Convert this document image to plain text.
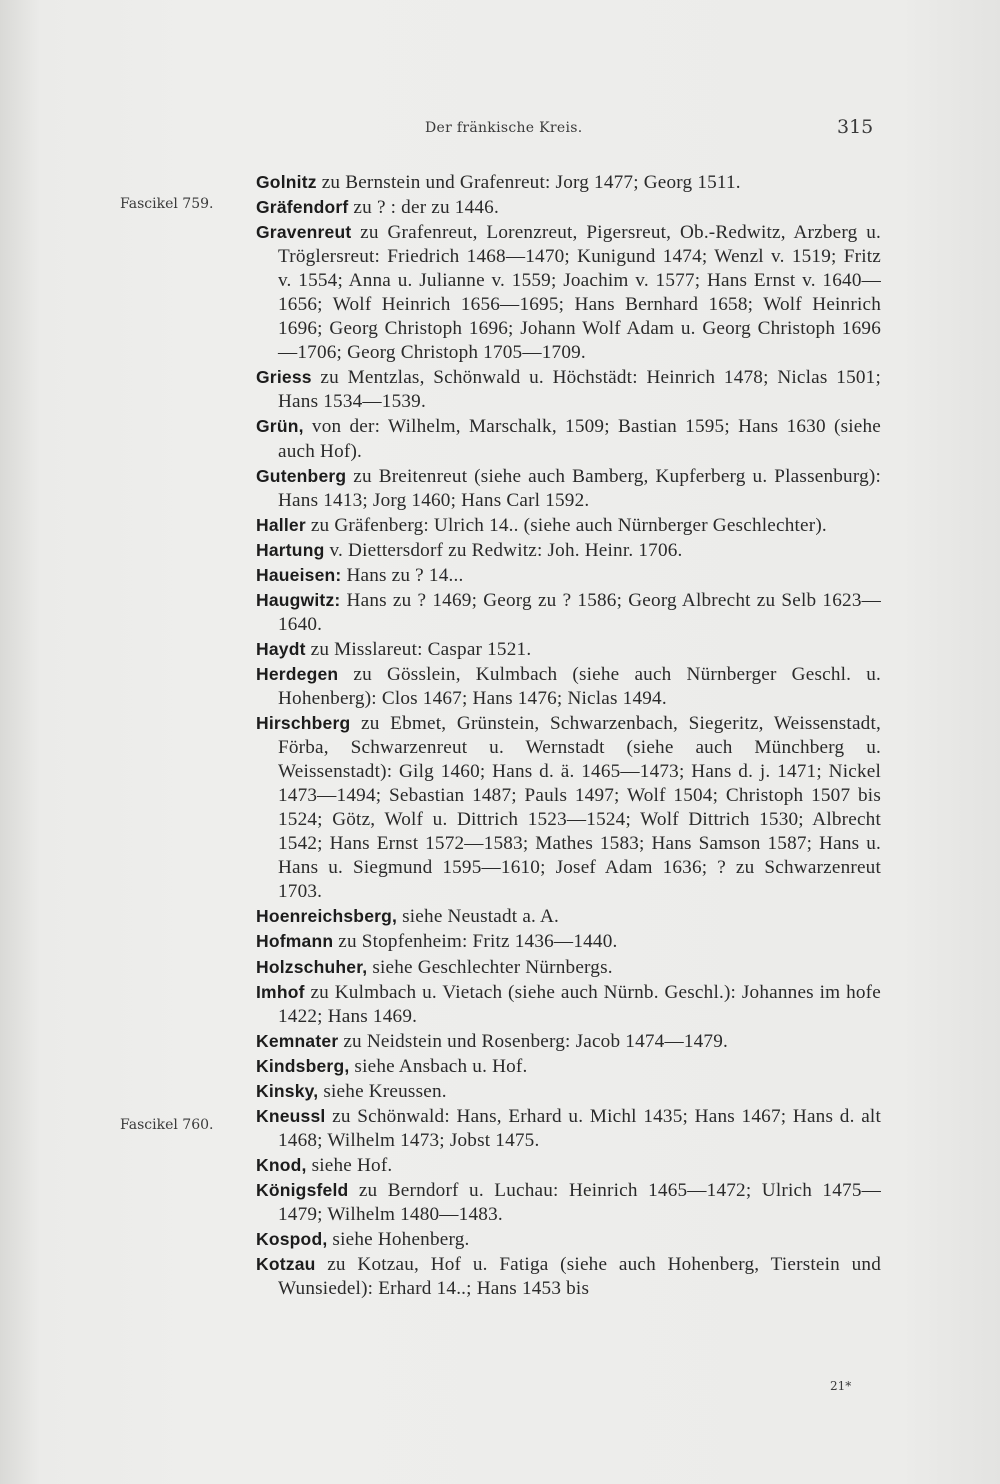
Der fränkische Kreis.	315
Fascikel 759.
Fascikel 760.

Golnitz zu Bernstein und Grafenreut: Jorg 1477; Georg 1511.

Gräfendorf zu ? : der zu 1446.

Gravenreut zu Grafenreut, Lorenzreut, Pigersreut, Ob.-Redwitz, Arzberg u. Tröglersreut: Friedrich 1468—1470; Kunigund 1474; Wenzl v. 1519; Fritz v. 1554; Anna u. Julianne v. 1559; Joachim v. 1577; Hans Ernst v. 1640—1656; Wolf Heinrich 1656—1695; Hans Bernhard 1658; Wolf Heinrich 1696; Georg Christoph 1696; Johann Wolf Adam u. Georg Christoph 1696—1706; Georg Christoph 1705—1709.

Griess zu Mentzlas, Schönwald u. Höchstädt: Heinrich 1478; Niclas 1501; Hans 1534—1539.

Grün, von der: Wilhelm, Marschalk, 1509; Bastian 1595; Hans 1630 (siehe auch Hof).

Gutenberg zu Breitenreut (siehe auch Bamberg, Kupferberg u. Plassenburg): Hans 1413; Jorg 1460; Hans Carl 1592.

Haller zu Gräfenberg: Ulrich 14.. (siehe auch Nürnberger Geschlechter).

Hartung v. Diettersdorf zu Redwitz: Joh. Heinr. 1706.

Haueisen: Hans zu ? 14...

Haugwitz: Hans zu ? 1469; Georg zu ? 1586; Georg Albrecht zu Selb 1623—1640.

Haydt zu Misslareut: Caspar 1521.

Herdegen zu Gösslein, Kulmbach (siehe auch Nürnberger Geschl. u. Hohenberg): Clos 1467; Hans 1476; Niclas 1494.

Hirschberg zu Ebmet, Grünstein, Schwarzenbach, Siegeritz, Weissenstadt, Förba, Schwarzenreut u. Wernstadt (siehe auch Münchberg u. Weissenstadt): Gilg 1460; Hans d. ä. 1465—1473; Hans d. j. 1471; Nickel 1473—1494; Sebastian 1487; Pauls 1497; Wolf 1504; Christoph 1507 bis 1524; Götz, Wolf u. Dittrich 1523—1524; Wolf Dittrich 1530; Albrecht 1542; Hans Ernst 1572—1583; Mathes 1583; Hans Samson 1587; Hans u. Hans u. Siegmund 1595—1610; Josef Adam 1636; ? zu Schwarzenreut 1703.

Hoenreichsberg, siehe Neustadt a. A.

Hofmann zu Stopfenheim: Fritz 1436—1440.

Holzschuher, siehe Geschlechter Nürnbergs.

Imhof zu Kulmbach u. Vietach (siehe auch Nürnb. Geschl.): Johannes im hofe 1422; Hans 1469.

Kemnater zu Neidstein und Rosenberg: Jacob 1474—1479.

Kindsberg, siehe Ansbach u. Hof.

Kinsky, siehe Kreussen.

Kneussl zu Schönwald: Hans, Erhard u. Michl 1435; Hans 1467; Hans d. alt 1468; Wilhelm 1473; Jobst 1475.

Knod, siehe Hof.

Königsfeld zu Berndorf u. Luchau: Heinrich 1465—1472; Ulrich 1475—1479; Wilhelm 1480—1483.

Kospod, siehe Hohenberg.

Kotzau zu Kotzau, Hof u. Fatiga (siehe auch Hohenberg, Tierstein und Wunsiedel): Erhard 14..; Hans 1453 bis

21*
